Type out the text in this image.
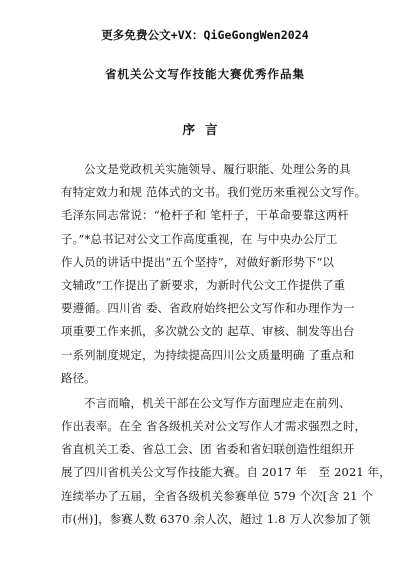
更多免费公文+VX：QiGeGongWen2024
省机关公文写作技能大赛优秀作品集
序言
　　公文是党政机关实施领导、履行职能、处理公务的具
有特定效力和规 范体式的文书。我们党历来重视公文写作。
毛泽东同志常说：“枪杆子和 笔杆子，干革命要靠这两杆
子。”*总书记对公文工作高度重视，在 与中央办公厅工
作人员的讲话中提出“五个坚持”，对做好新形势下“以
文辅政”工作提出了新要求，为新时代公文工作提供了重
要遵循。四川省 委、省政府始终把公文写作和办理作为一
项重要工作来抓，多次就公文的 起草、审核、制发等出台
一系列制度规定，为持续提高四川公文质量明确 了重点和
路径。
　　不言而喻，机关干部在公文写作方面理应走在前列、
作出表率。在全 省各级机关对公文写作人才需求强烈之时，
省直机关工委、省总工会、团 省委和省妇联创造性组织开
展了四川省机关公文写作技能大赛。自 2017 年　至 2021 年，
连续举办了五届，全省各级机关参赛单位 579 个次[含 21 个
市(州)]，参赛人数 6370 余人次，超过 1.8 万人次参加了领
